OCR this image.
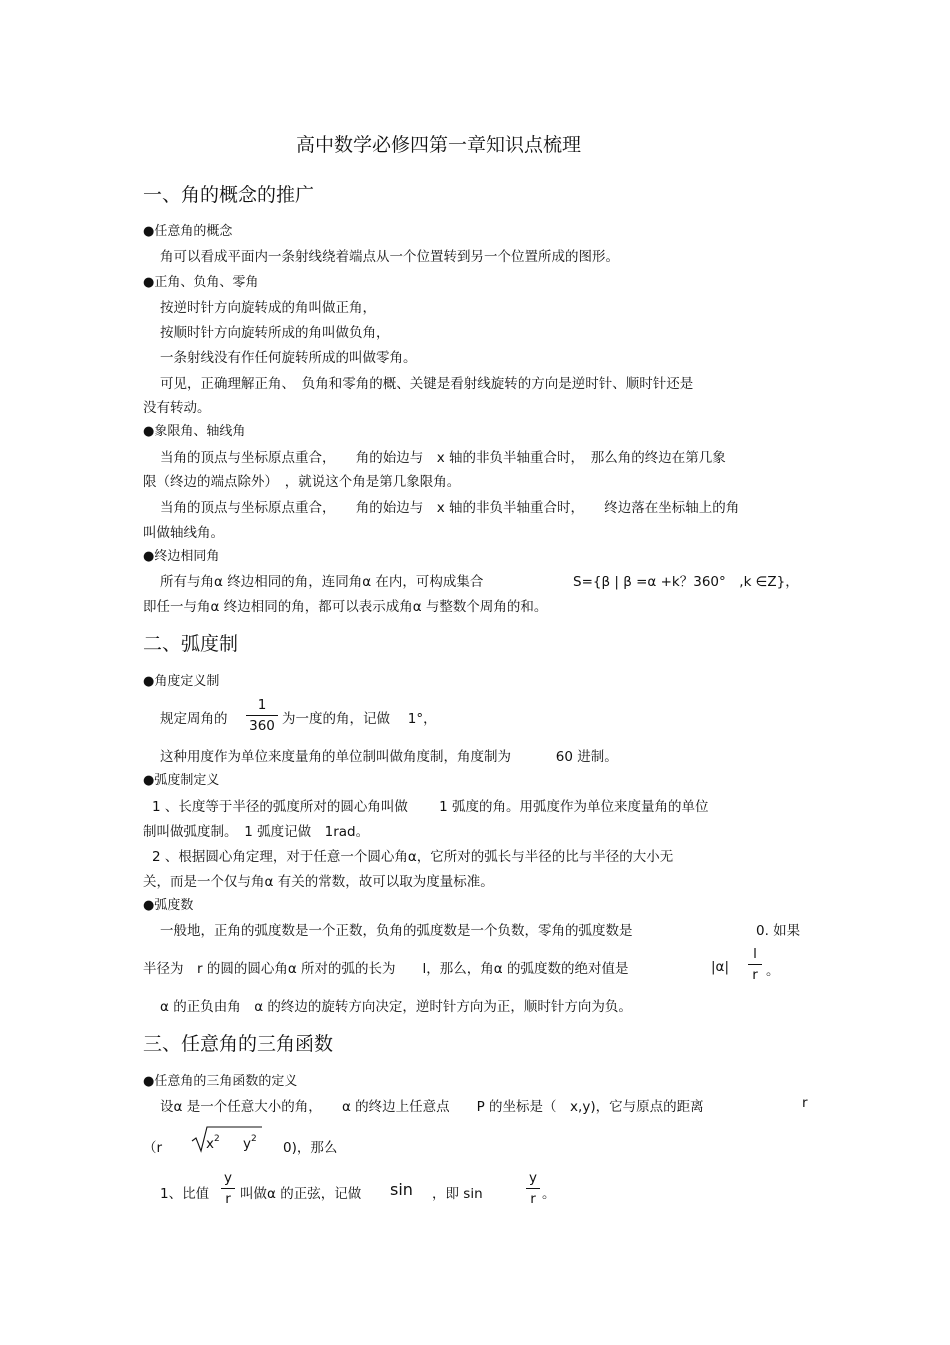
高中数学必修四第一章知识点梳理
一、角的概念的推广
●任意角的概念
角可以看成平面内一条射线绕着端点从一个位置转到另一个位置所成的图形。
●正角、负角、零角
按逆时针方向旋转成的角叫做正角，
按顺时针方向旋转所成的角叫做负角，
一条射线没有作任何旋转所成的叫做零角。
可见，正确理解正角、　负角和零角的概、关键是看射线旋转的方向是逆时针、顺时针还是
没有转动。
●象限角、轴线角
当角的顶点与坐标原点重合，　　角的始边与　x 轴的非负半轴重合时，　那么角的终边在第几象
限（终边的端点除外）　，就说这个角是第几象限角。
当角的顶点与坐标原点重合，　　角的始边与　x 轴的非负半轴重合时，　　终边落在坐标轴上的角
叫做轴线角。
●终边相同角
所有与角α 终边相同的角，连同角α 在内，可构成集合	S={β | β =α +k？360°　,k ∈Z}，
即任一与角α 终边相同的角，都可以表示成角α 与整数个周角的和。
二、弧度制
●角度定义制
规定周角的
1
360 为一度的角，记做　 1°，
这种用度作为单位来度量角的单位制叫做角度制，角度制为　　　 60 进制。
●弧度制定义
1 、长度等于半径的弧度所对的圆心角叫做　　 1 弧度的角。用弧度作为单位来度量角的单位
制叫做弧度制。　1 弧度记做　1rad。
2 、根据圆心角定理，对于任意一个圆心角α，它所对的弧长与半径的比与半径的大小无
关，而是一个仅与角α 有关的常数，故可以取为度量标准。
●弧度数
一般地，正角的弧度数是一个正数，负角的弧度数是一个负数，零角的弧度数是	0. 如果
半径为　r 的圆的圆心角α 所对的弧的长为　　l，那么，角α 的弧度数的绝对值是	|α|
l
r 。
α 的正负由角　α 的终边的旋转方向决定，逆时针方向为正，顺时针方向为负。
三、任意角的三角函数
●任意角的三角函数的定义
设α 是一个任意大小的角，　　α 的终边上任意点　　P 的坐标是（　x,y)，它与原点的距离	r
（r	$x^2$ $y^2$
0)，那么
1、比值
y
r 叫做α 的正弦，记做 sin ，即 sin
y
r 。
